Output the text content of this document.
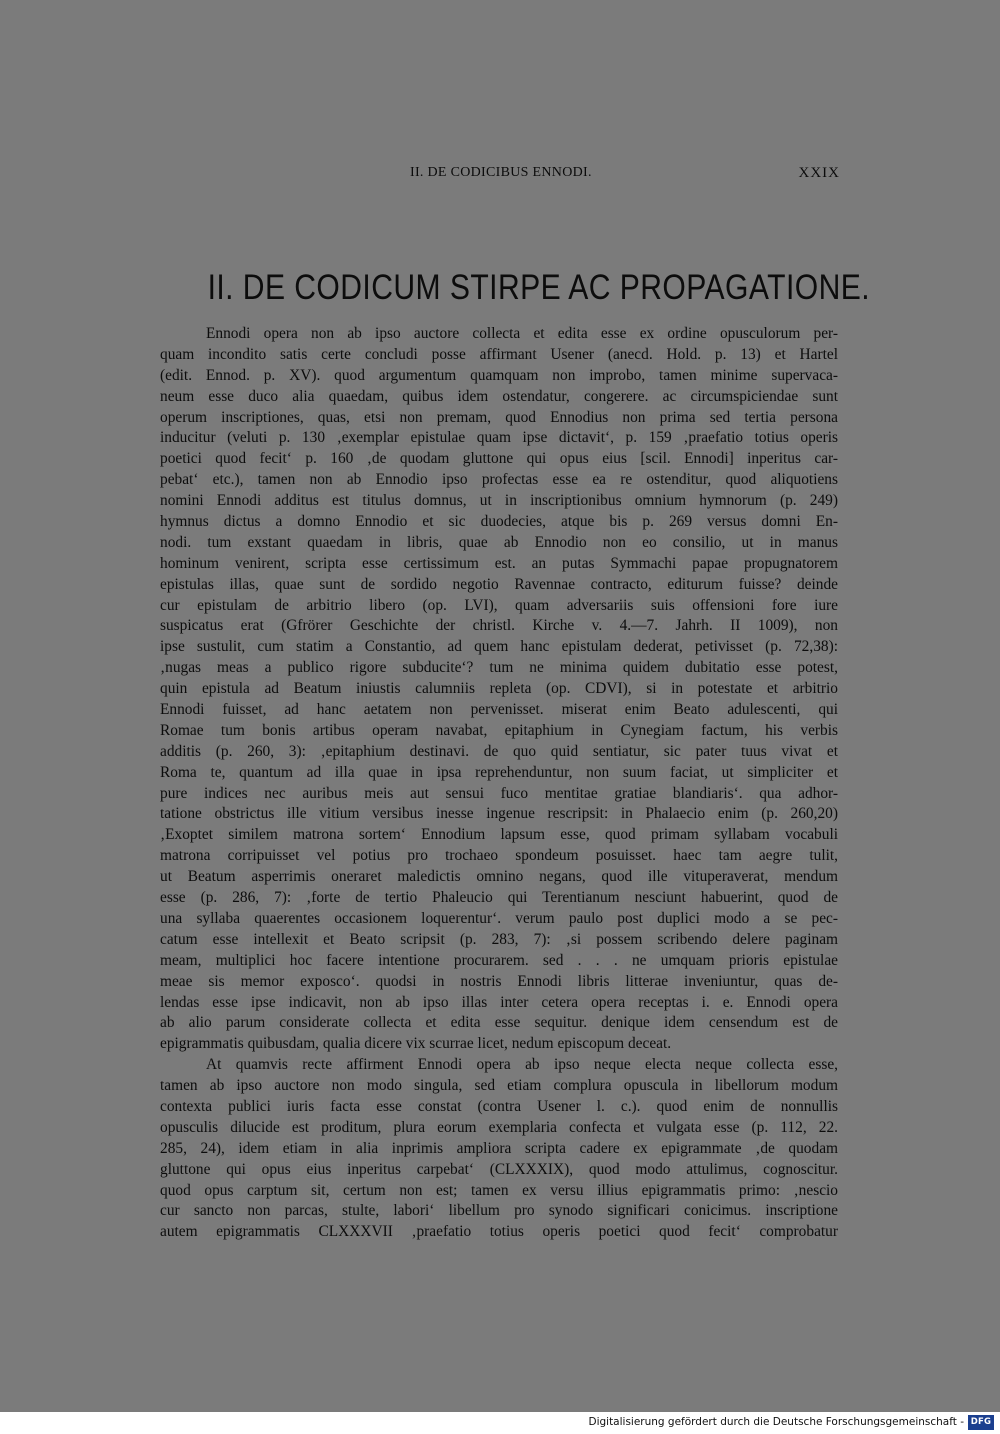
II. DE CODICIBUS ENNODI.	XXIX
II. DE CODICUM STIRPE AC PROPAGATIONE.
Ennodi opera non ab ipso auctore collecta et edita esse ex ordine opusculorum per-
quam incondito satis certe concludi posse affirmant Usener (anecd. Hold. p. 13) et Hartel
(edit. Ennod. p. XV). quod argumentum quamquam non improbo, tamen minime supervaca-
neum esse duco alia quaedam, quibus idem ostendatur, congerere. ac circumspiciendae sunt
operum inscriptiones, quas, etsi non premam, quod Ennodius non prima sed tertia persona
inducitur (veluti p. 130 ‚exemplar epistulae quam ipse dictavit‘, p. 159 ‚praefatio totius operis
poetici quod fecit‘ p. 160 ‚de quodam gluttone qui opus eius [scil. Ennodi] inperitus car-
pebat‘ etc.), tamen non ab Ennodio ipso profectas esse ea re ostenditur, quod aliquotiens
nomini Ennodi additus est titulus domnus, ut in inscriptionibus omnium hymnorum (p. 249)
hymnus dictus a domno Ennodio et sic duodecies, atque bis p. 269 versus domni En-
nodi. tum exstant quaedam in libris, quae ab Ennodio non eo consilio, ut in manus
hominum venirent, scripta esse certissimum est. an putas Symmachi papae propugnatorem
epistulas illas, quae sunt de sordido negotio Ravennae contracto, editurum fuisse? deinde
cur epistulam de arbitrio libero (op. LVI), quam adversariis suis offensioni fore iure
suspicatus erat (Gfrörer Geschichte der christl. Kirche v. 4.—7. Jahrh. II 1009), non
ipse sustulit, cum statim a Constantio, ad quem hanc epistulam dederat, petivisset (p. 72,38):
‚nugas meas a publico rigore subducite‘? tum ne minima quidem dubitatio esse potest,
quin epistula ad Beatum iniustis calumniis repleta (op. CDVI), si in potestate et arbitrio
Ennodi fuisset, ad hanc aetatem non pervenisset. miserat enim Beato adulescenti, qui
Romae tum bonis artibus operam navabat, epitaphium in Cynegiam factum, his verbis
additis (p. 260, 3): ‚epitaphium destinavi. de quo quid sentiatur, sic pater tuus vivat et
Roma te, quantum ad illa quae in ipsa reprehenduntur, non suum faciat, ut simpliciter et
pure indices nec auribus meis aut sensui fuco mentitae gratiae blandiaris‘. qua adhor-
tatione obstrictus ille vitium versibus inesse ingenue rescripsit: in Phalaecio enim (p. 260,20)
‚Exoptet similem matrona sortem‘ Ennodium lapsum esse, quod primam syllabam vocabuli
matrona corripuisset vel potius pro trochaeo spondeum posuisset. haec tam aegre tulit,
ut Beatum asperrimis oneraret maledictis omnino negans, quod ille vituperaverat, mendum
esse (p. 286, 7): ‚forte de tertio Phaleucio qui Terentianum nesciunt habuerint, quod de
una syllaba quaerentes occasionem loquerentur‘. verum paulo post duplici modo a se pec-
catum esse intellexit et Beato scripsit (p. 283, 7): ‚si possem scribendo delere paginam
meam, multiplici hoc facere intentione procurarem. sed . . . ne umquam prioris epistulae
meae sis memor exposco‘. quodsi in nostris Ennodi libris litterae inveniuntur, quas de-
lendas esse ipse indicavit, non ab ipso illas inter cetera opera receptas i. e. Ennodi opera
ab alio parum considerate collecta et edita esse sequitur. denique idem censendum est de
epigrammatis quibusdam, qualia dicere vix scurrae licet, nedum episcopum deceat.
At quamvis recte affirment Ennodi opera ab ipso neque electa neque collecta esse,
tamen ab ipso auctore non modo singula, sed etiam complura opuscula in libellorum modum
contexta publici iuris facta esse constat (contra Usener l. c.). quod enim de nonnullis
opusculis dilucide est proditum, plura eorum exemplaria confecta et vulgata esse (p. 112, 22.
285, 24), idem etiam in alia inprimis ampliora scripta cadere ex epigrammate ‚de quodam
gluttone qui opus eius inperitus carpebat‘ (CLXXXIX), quod modo attulimus, cognoscitur.
quod opus carptum sit, certum non est; tamen ex versu illius epigrammatis primo: ‚nescio
cur sancto non parcas, stulte, labori‘ libellum pro synodo significari conicimus. inscriptione
autem epigrammatis CLXXXVII ‚praefatio totius operis poetici quod fecit‘ comprobatur
Digitalisierung gefördert durch die Deutsche Forschungsgemeinschaft - DFG
